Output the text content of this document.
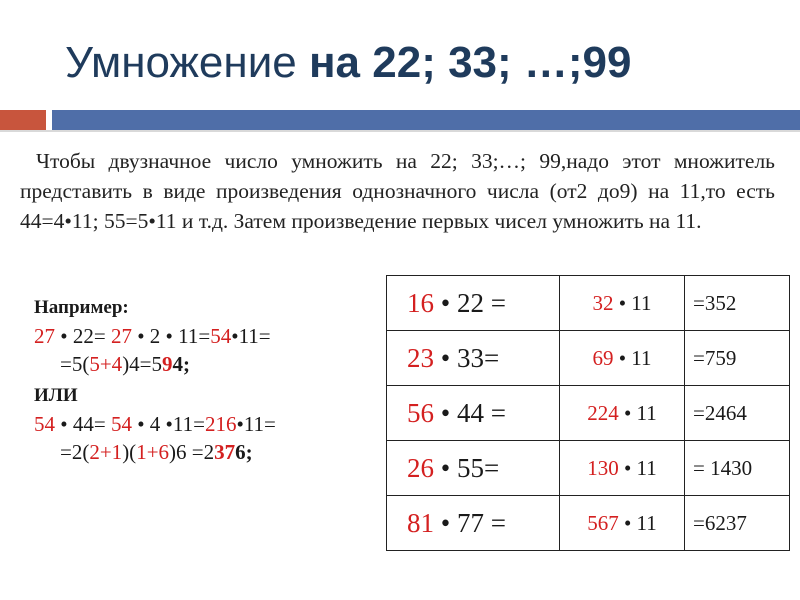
Умножение на 22; 33; …;99
Чтобы двузначное число умножить на 22; 33;…; 99,надо этот множитель представить в виде произведения однозначного числа (от2 до9) на 11,то есть 44=4•11; 55=5•11 и т.д. Затем произведение первых чисел умножить на 11.
Например:
27 • 22= 27 • 2 • 11=54•11=
=5(5+4)4=594;
ИЛИ
54 • 44= 54 • 4 •11=216•11=
=2(2+1)(1+6)6 =2376;
16 • 22 =	32 • 11	=352
23 • 33=	69 • 11	=759
56 • 44 =	224 • 11	=2464
26 • 55=	130 • 11	= 1430
81 • 77 =	567 • 11	=6237
